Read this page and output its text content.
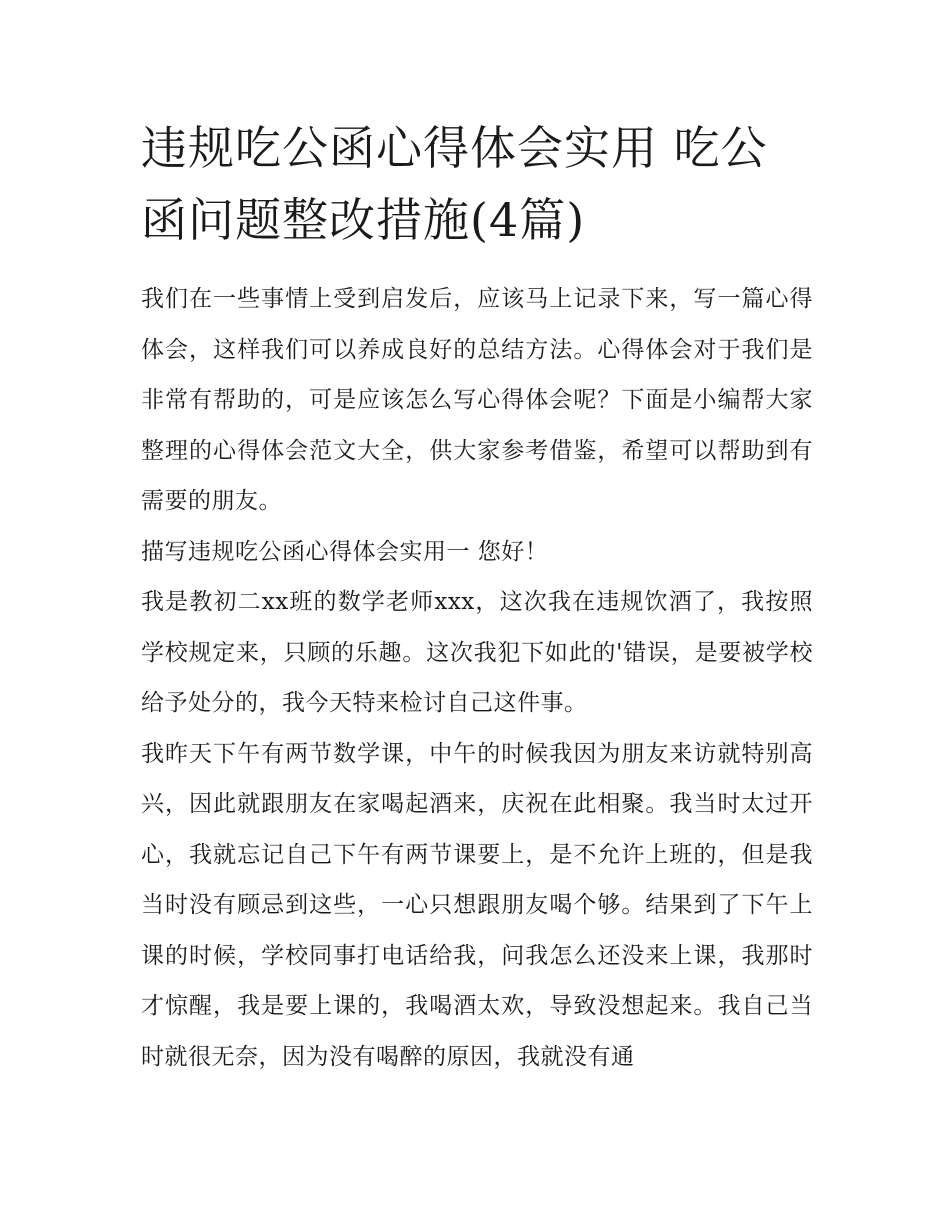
违规吃公函心得体会实用 吃公函问题整改措施(4篇)

我们在一些事情上受到启发后，应该马上记录下来，写一篇心得体会，这样我们可以养成良好的总结方法。心得体会对于我们是非常有帮助的，可是应该怎么写心得体会呢？下面是小编帮大家整理的心得体会范文大全，供大家参考借鉴，希望可以帮助到有需要的朋友。

描写违规吃公函心得体会实用一 您好！

我是教初二xx班的数学老师xxx，这次我在违规饮酒了，我按照学校规定来，只顾的乐趣。这次我犯下如此的'错误，是要被学校给予处分的，我今天特来检讨自己这件事。

我昨天下午有两节数学课，中午的时候我因为朋友来访就特别高兴，因此就跟朋友在家喝起酒来，庆祝在此相聚。我当时太过开心，我就忘记自己下午有两节课要上，是不允许上班的，但是我当时没有顾忌到这些，一心只想跟朋友喝个够。结果到了下午上课的时候，学校同事打电话给我，问我怎么还没来上课，我那时才惊醒，我是要上课的，我喝酒太欢，导致没想起来。我自己当时就很无奈，因为没有喝醉的原因，我就没有通
